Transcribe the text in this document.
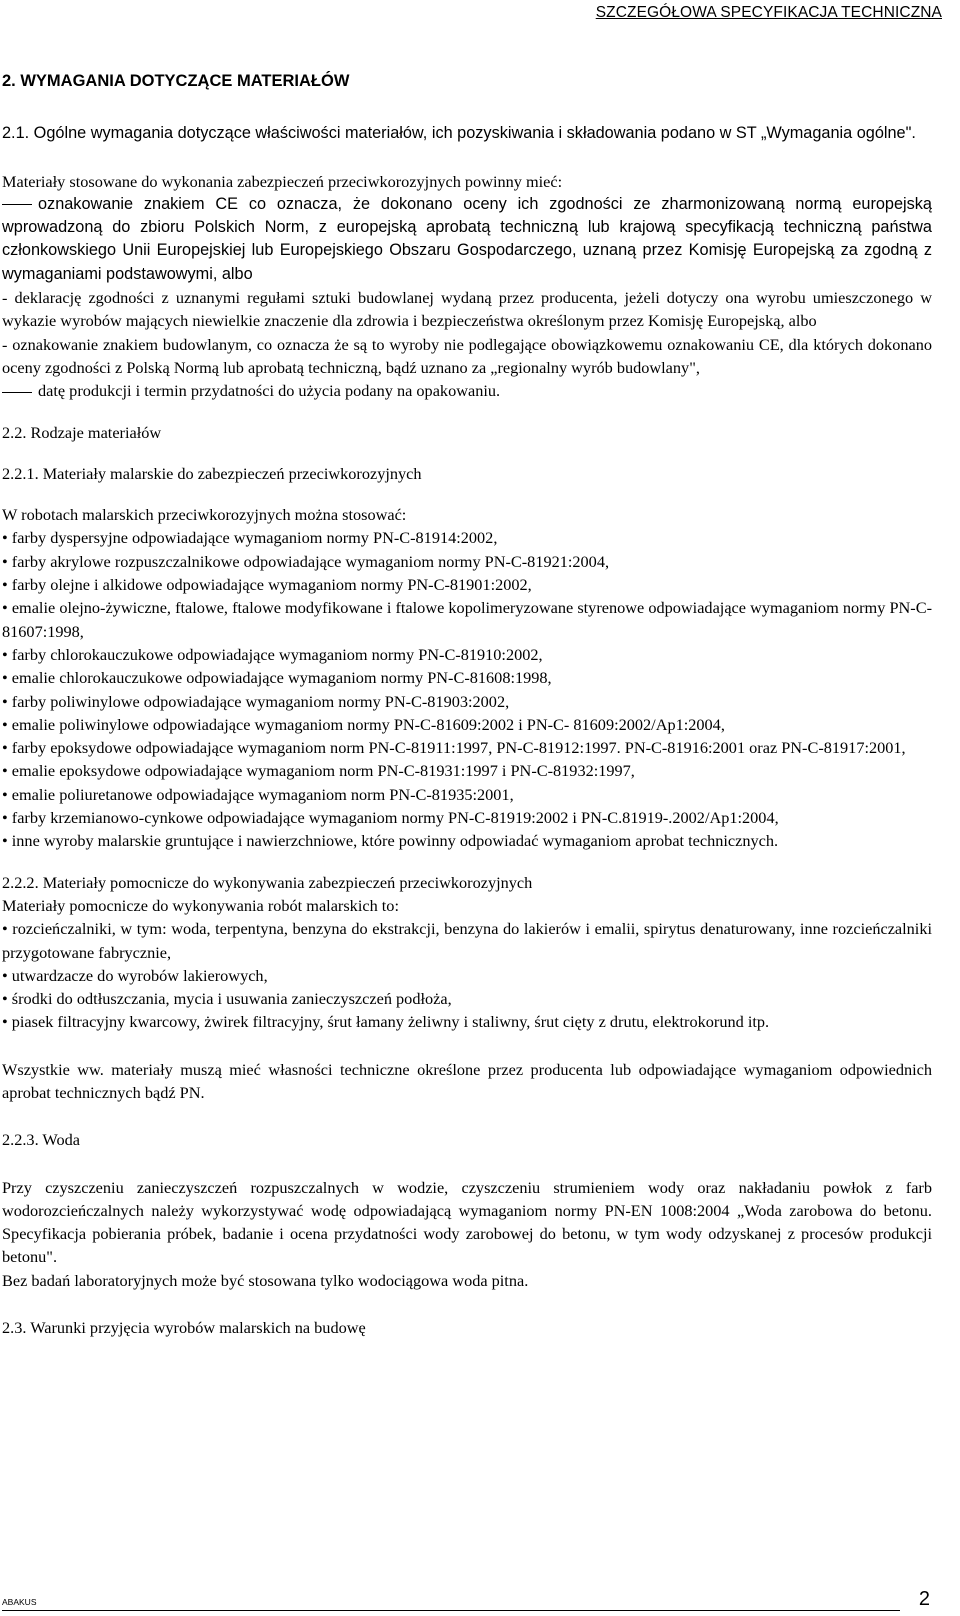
SZCZEGÓŁOWA SPECYFIKACJA TECHNICZNA

2. WYMAGANIA DOTYCZĄCE MATERIAŁÓW

2.1. Ogólne wymagania dotyczące właściwości materiałów, ich pozyskiwania i składowania podano w ST „Wymagania ogólne".

Materiały stosowane do wykonania zabezpieczeń przeciwkorozyjnych powinny mieć:

oznakowanie znakiem CE co oznacza, że dokonano oceny ich zgodności ze zharmonizowaną normą europejską wprowadzoną do zbioru Polskich Norm, z europejską aprobatą techniczną lub krajową specyfikacją techniczną państwa członkowskiego Unii Europejskiej lub Europejskiego Obszaru Gospodarczego, uznaną przez Komisję Europejską za zgodną z wymaganiami podstawowymi, albo

- deklarację zgodności z uznanymi regułami sztuki budowlanej wydaną przez producenta, jeżeli dotyczy ona wyrobu umieszczonego w wykazie wyrobów mających niewielkie znaczenie dla zdrowia i bezpieczeństwa określonym przez Komisję Europejską, albo

- oznakowanie znakiem budowlanym, co oznacza że są to wyroby nie podlegające obowiązkowemu oznakowaniu CE, dla których dokonano oceny zgodności z Polską Normą lub aprobatą techniczną, bądź uznano za „regionalny wyrób budowlany",

datę produkcji i termin przydatności do użycia podany na opakowaniu.

2.2. Rodzaje materiałów

2.2.1. Materiały malarskie do zabezpieczeń przeciwkorozyjnych

W robotach malarskich przeciwkorozyjnych można stosować:

• farby dyspersyjne odpowiadające wymaganiom normy PN-C-81914:2002,

• farby akrylowe rozpuszczalnikowe odpowiadające wymaganiom normy PN-C-81921:2004,

• farby olejne i alkidowe odpowiadające wymaganiom normy PN-C-81901:2002,

• emalie olejno-żywiczne, ftalowe, ftalowe modyfikowane i ftalowe kopolimeryzowane styrenowe odpowiadające wymaganiom normy PN-C-81607:1998,

• farby chlorokauczukowe odpowiadające wymaganiom normy PN-C-81910:2002,

• emalie chlorokauczukowe odpowiadające wymaganiom normy PN-C-81608:1998,

• farby poliwinylowe odpowiadające wymaganiom normy PN-C-81903:2002,

• emalie poliwinylowe odpowiadające wymaganiom normy PN-C-81609:2002 i PN-C- 81609:2002/Ap1:2004,

• farby epoksydowe odpowiadające wymaganiom norm PN-C-81911:1997, PN-C-81912:1997. PN-C-81916:2001 oraz PN-C-81917:2001,

• emalie epoksydowe odpowiadające wymaganiom norm PN-C-81931:1997 i PN-C-81932:1997,

• emalie poliuretanowe odpowiadające wymaganiom norm PN-C-81935:2001,

• farby krzemianowo-cynkowe odpowiadające wymaganiom normy PN-C-81919:2002 i PN-C.81919-.2002/Ap1:2004,

• inne wyroby malarskie gruntujące i nawierzchniowe, które powinny odpowiadać wymaganiom aprobat technicznych.

2.2.2. Materiały pomocnicze do wykonywania zabezpieczeń przeciwkorozyjnych

Materiały pomocnicze do wykonywania robót malarskich to:

• rozcieńczalniki, w tym: woda, terpentyna, benzyna do ekstrakcji, benzyna do lakierów i emalii, spirytus denaturowany, inne rozcieńczalniki przygotowane fabrycznie,

• utwardzacze do wyrobów lakierowych,

• środki do odtłuszczania, mycia i usuwania zanieczyszczeń podłoża,

• piasek filtracyjny kwarcowy, żwirek filtracyjny, śrut łamany żeliwny i staliwny, śrut cięty z drutu, elektrokorund itp.

Wszystkie ww. materiały muszą mieć własności techniczne określone przez producenta lub odpowiadające wymaganiom odpowiednich aprobat technicznych bądź PN.

2.2.3. Woda

Przy czyszczeniu zanieczyszczeń rozpuszczalnych w wodzie, czyszczeniu strumieniem wody oraz nakładaniu powłok z farb wodorozcieńczalnych należy wykorzystywać wodę odpowiadającą wymaganiom normy PN-EN 1008:2004 „Woda zarobowa do betonu. Specyfikacja pobierania próbek, badanie i ocena przydatności wody zarobowej do betonu, w tym wody odzyskanej z procesów produkcji betonu".

Bez badań laboratoryjnych może być stosowana tylko wodociągowa woda pitna.

2.3. Warunki przyjęcia wyrobów malarskich na budowę

ABAKUS	2
